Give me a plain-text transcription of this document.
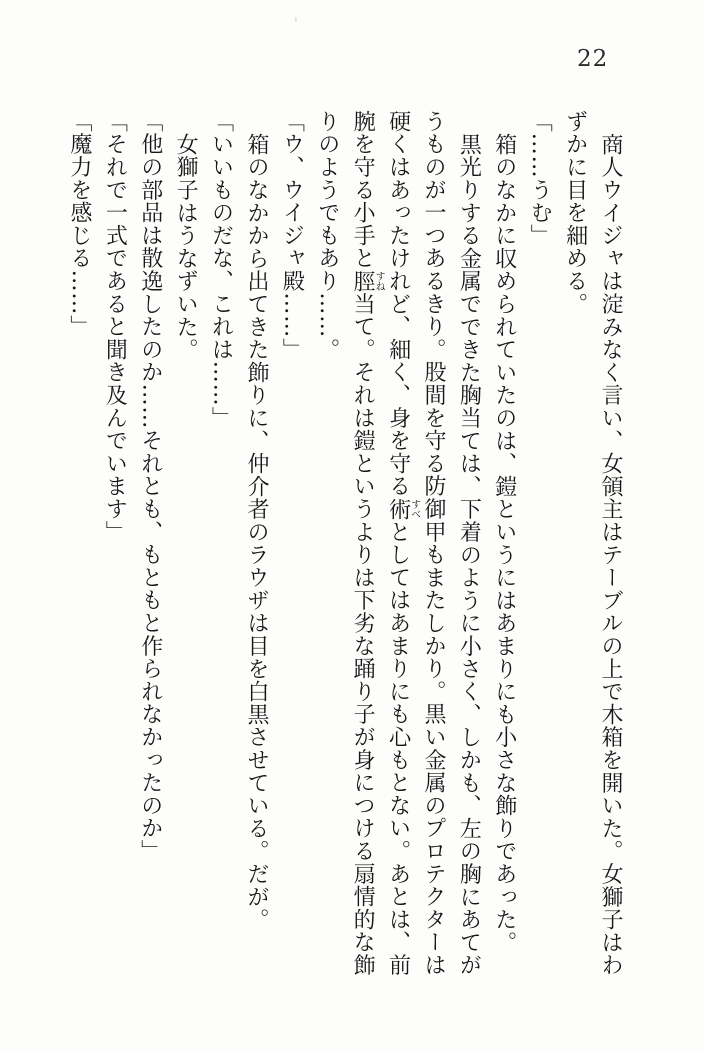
'
22

商人ウイジャは淀みなく言い、女領主はテーブルの上で木箱を開いた。女獅子はわずかに目を細める。

「……うむ」

箱のなかに収められていたのは、鎧というにはあまりにも小さな飾りであった。

黒光りする金属でできた胸当ては、下着のように小さく、しかも、左の胸にあてがうものが一つあるきり。股間を守る防御甲もまたしかり。黒い金属のプロテクターは硬くはあったけれど、細く、身を守る術すべとしてはあまりにも心もとない。あとは、前腕を守る小手と脛すね当て。それは鎧というよりは下劣な踊り子が身につける扇情的な飾りのようでもあり……。

「ウ、ウイジャ殿……」

箱のなかから出てきた飾りに、仲介者のラウザは目を白黒させている。だが。

「いいものだな、これは……」

女獅子はうなずいた。

「他の部品は散逸したのか……それとも、もともと作られなかったのか」

「それで一式であると聞き及んでいます」

「魔力を感じる……」
